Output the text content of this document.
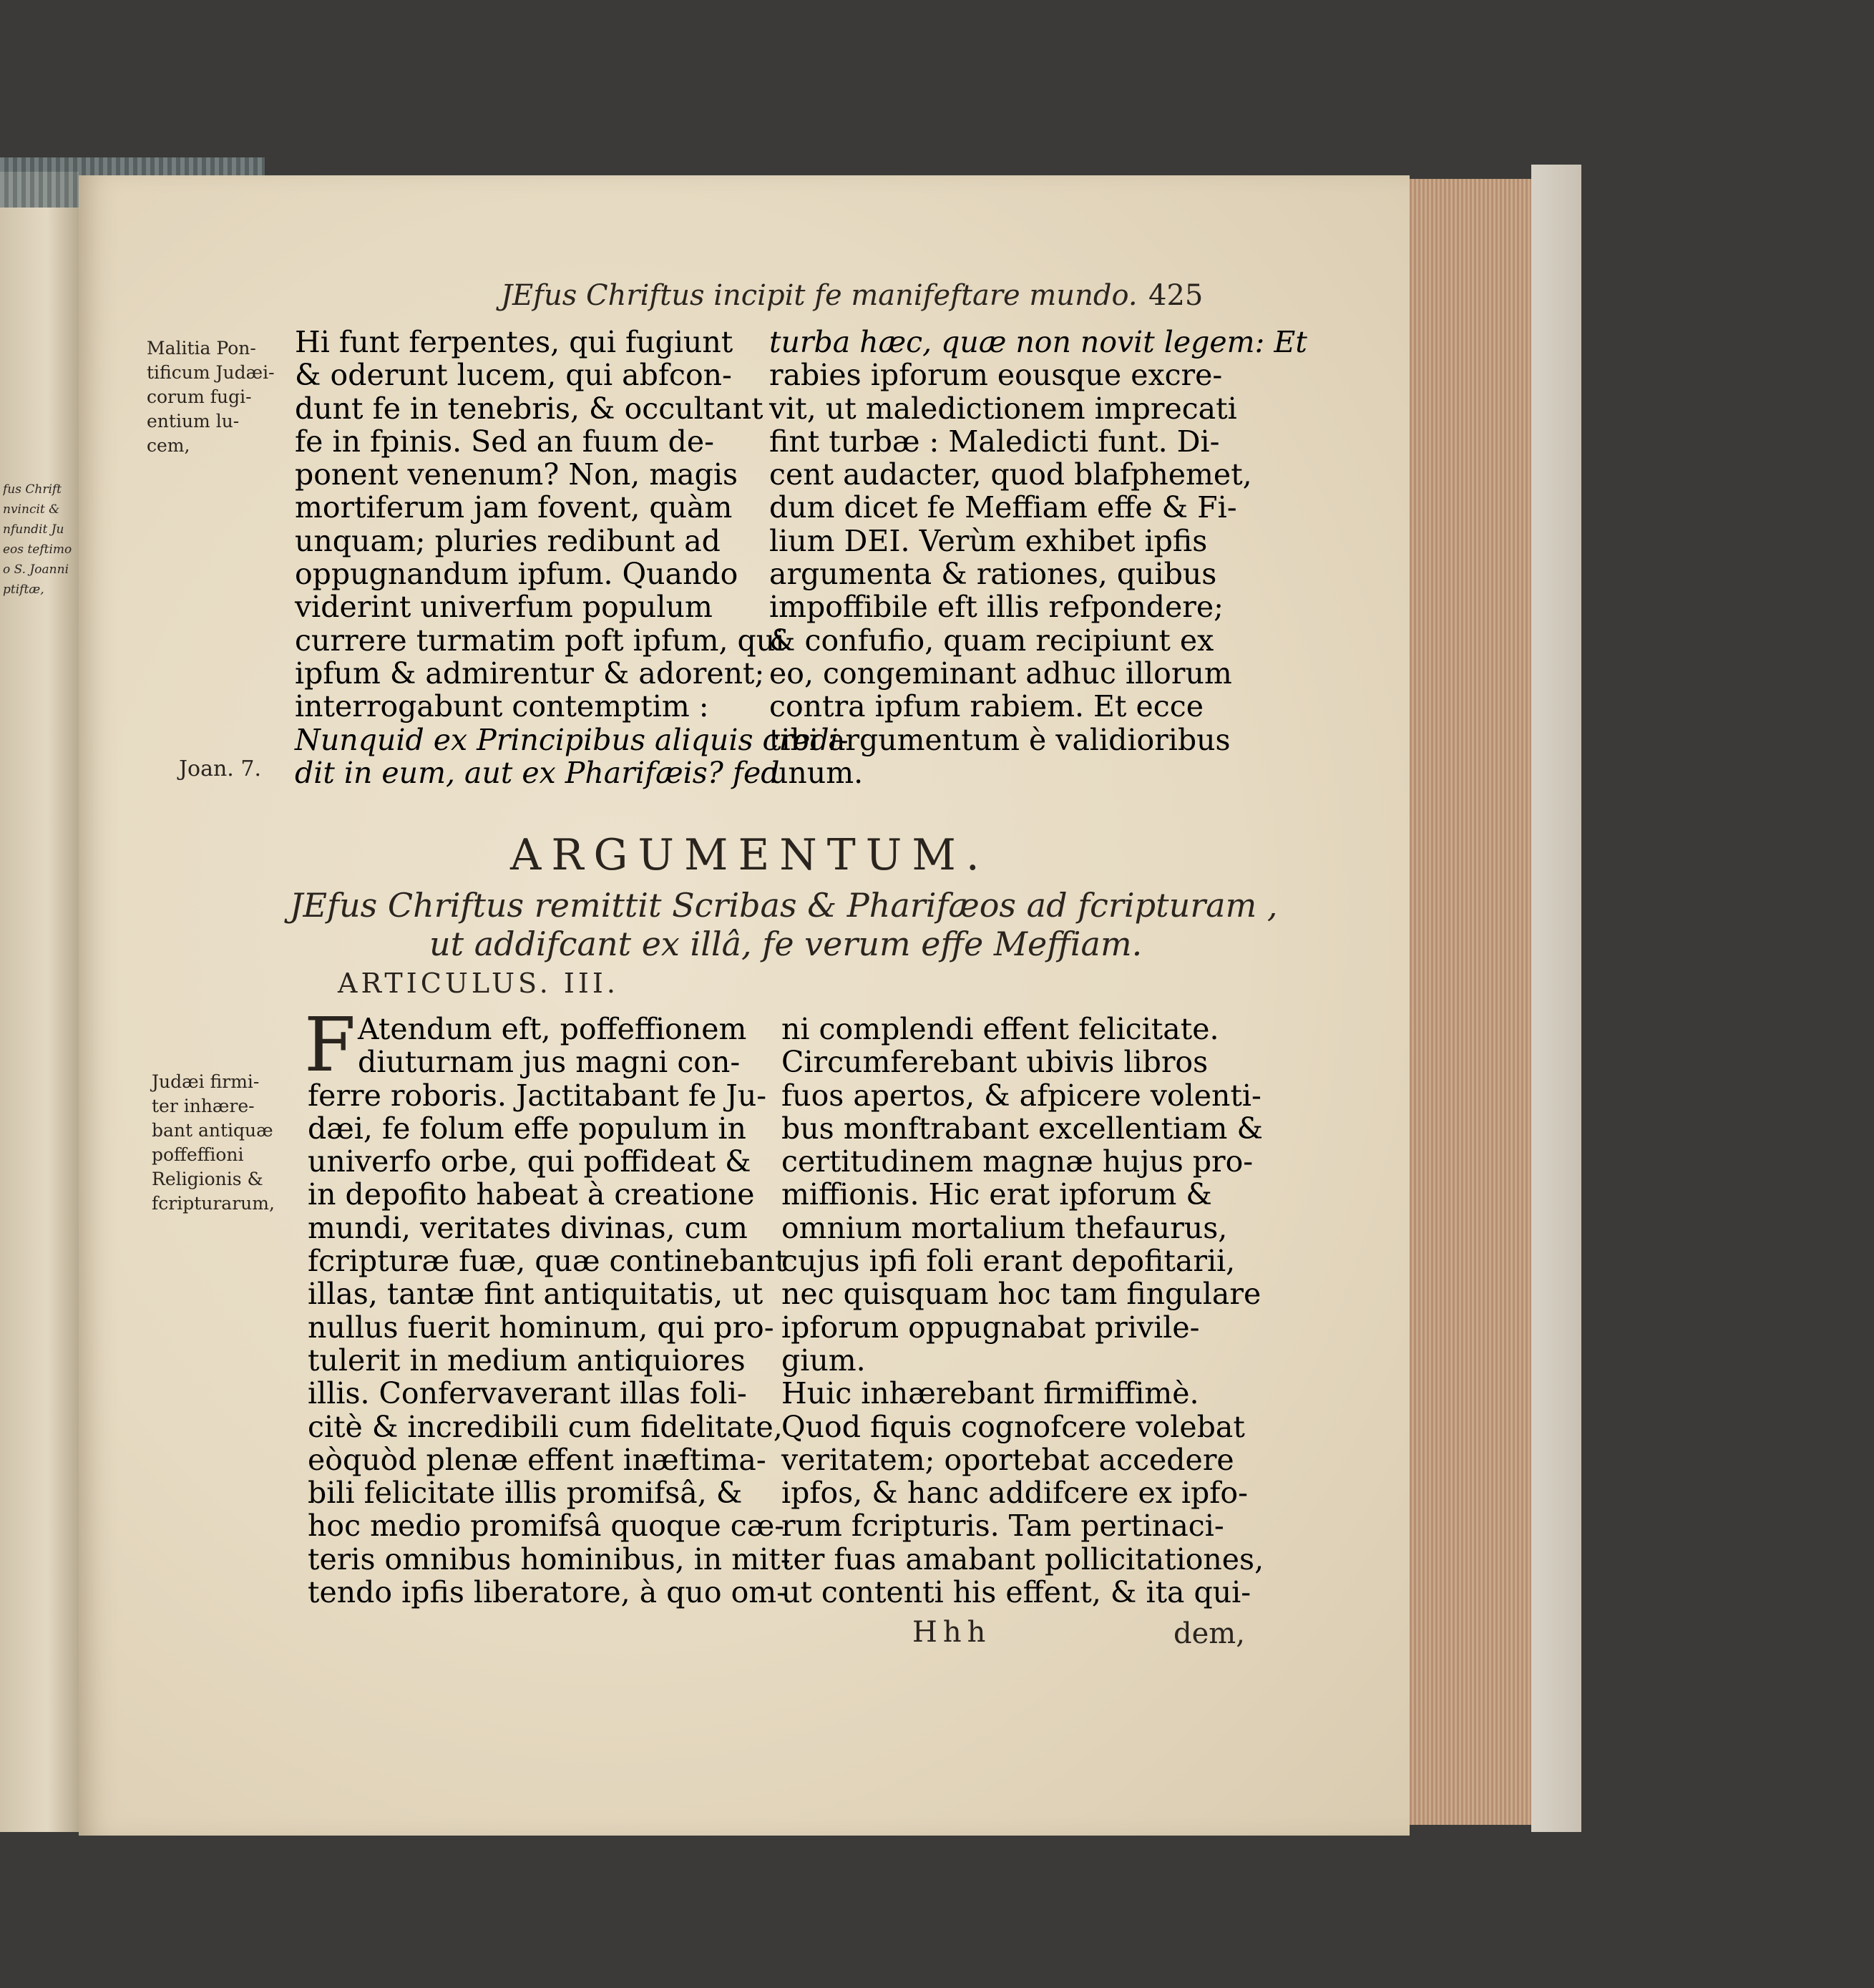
fus Chrift
nvincit &
nfundit Ju
eos teftimo
o S. Joanni
ptiftæ,
JEfus Chriftus incipit fe manifeftare mundo. 425
Malitia Pon-
tificum Judæi-
corum fugi-
entium lu-
cem,
Hi funt ferpentes, qui fugiunt
& oderunt lucem, qui abfcon-
dunt fe in tenebris, & occultant
fe in fpinis. Sed an fuum de-
ponent venenum? Non, magis
mortiferum jam fovent, quàm
unquam; pluries redibunt ad
oppugnandum ipfum. Quando
viderint univerfum populum
currere turmatim poft ipfum, qui
ipfum & admirentur & adorent;
interrogabunt contemptim :
Nunquid ex Principibus aliquis credi-
dit in eum, aut ex Pharifæis? fed
turba hæc, quæ non novit legem: Et
rabies ipforum eousque excre-
vit, ut maledictionem imprecati
fint turbæ : Maledicti funt. Di-
cent audacter, quod blafphemet,
dum dicet fe Meffiam effe & Fi-
lium DEI. Verùm exhibet ipfis
argumenta & rationes, quibus
impoffibile eft illis refpondere;
& confufio, quam recipiunt ex
eo, congeminant adhuc illorum
contra ipfum rabiem. Et ecce
tibi argumentum è validioribus
unum.
Joan. 7.
ARGUMENTUM.
JEfus Chriftus remittit Scribas & Pharifæos ad fcripturam ,
ut addifcant ex illâ, fe verum effe Meffiam.
ARTICULUS. III.
Judæi firmi-
ter inhære-
bant antiquæ
poffeffioni
Religionis &
fcripturarum,
F Atendum eft, poffeffionem
diuturnam jus magni con-
ferre roboris. Jactitabant fe Ju-
dæi, fe folum effe populum in
univerfo orbe, qui poffideat &
in depofito habeat à creatione
mundi, veritates divinas, cum
fcripturæ fuæ, quæ continebant
illas, tantæ fint antiquitatis, ut
nullus fuerit hominum, qui pro-
tulerit in medium antiquiores
illis. Confervaverant illas foli-
citè & incredibili cum fidelitate,
eòquòd plenæ effent inæftima-
bili felicitate illis promifsâ, &
hoc medio promifsâ quoque cæ-
teris omnibus hominibus, in mit-
tendo ipfis liberatore, à quo om-
ni complendi effent felicitate.
Circumferebant ubivis libros
fuos apertos, & afpicere volenti-
bus monftrabant excellentiam &
certitudinem magnæ hujus pro-
miffionis. Hic erat ipforum &
omnium mortalium thefaurus,
cujus ipfi foli erant depofitarii,
nec quisquam hoc tam fingulare
ipforum oppugnabat privile-
gium.
Huic inhærebant firmiffimè.
Quod fiquis cognofcere volebat
veritatem; oportebat accedere
ipfos, & hanc addifcere ex ipfo-
rum fcripturis. Tam pertinaci-
ter fuas amabant pollicitationes,
ut contenti his effent, & ita qui-
Hhh	dem,
